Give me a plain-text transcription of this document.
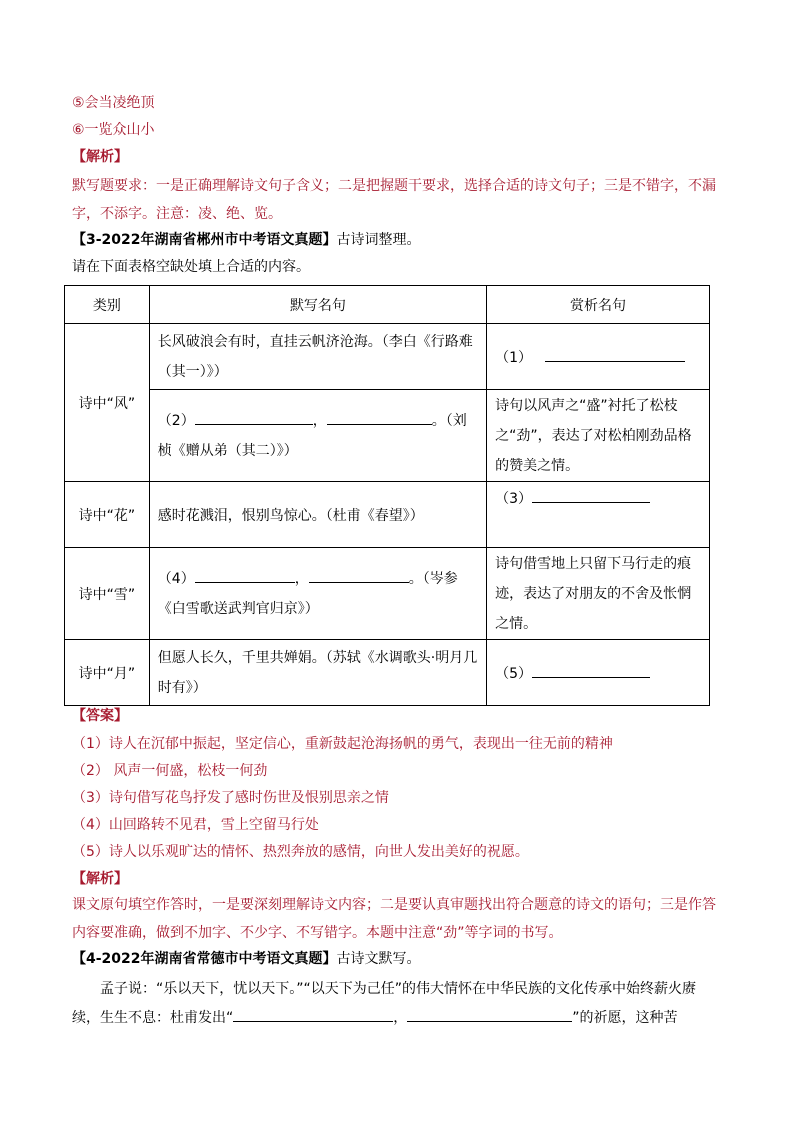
⑤会当凌绝顶
⑥一览众山小
【解析】
默写题要求：一是正确理解诗文句子含义；二是把握题干要求，选择合适的诗文句子；三是不错字，不漏字，不添字。注意：凌、绝、览。
【3-2022年湖南省郴州市中考语文真题】古诗词整理。
请在下面表格空缺处填上合适的内容。
类别	默写名句	赏析名句
诗中“风”	长风破浪会有时，直挂云帆济沧海。（李白《行路难（其一）》）	（1）

	（2） ， 。（刘桢《赠从弟（其二）》）	诗句以风声之“盛”衬托了松枝之“劲”，表达了对松柏刚劲品格的赞美之情。

诗中“花”	感时花溅泪，恨别鸟惊心。（杜甫《春望》）	（3）
诗中“雪”	（4） ， 。（岑参《白雪歌送武判官归京》）	诗句借雪地上只留下马行走的痕迹，表达了对朋友的不舍及怅惘之情。

诗中“月”	但愿人长久，千里共婵娟。（苏轼《水调歌头·明月几时有》）	（5）
【答案】
（1）诗人在沉郁中振起，坚定信心，重新鼓起沧海扬帆的勇气，表现出一往无前的精神
（2） 风声一何盛，松枝一何劲
（3）诗句借写花鸟抒发了感时伤世及恨别思亲之情
（4）山回路转不见君，雪上空留马行处
（5）诗人以乐观旷达的情怀、热烈奔放的感情，向世人发出美好的祝愿。
【解析】
课文原句填空作答时，一是要深刻理解诗文内容；二是要认真审题找出符合题意的诗文的语句；三是作答内容要准确，做到不加字、不少字、不写错字。本题中注意“劲”等字词的书写。
【4-2022年湖南省常德市中考语文真题】古诗文默写。
孟子说：“乐以天下，忧以天下。”“以天下为己任”的伟大情怀在中华民族的文化传承中始终薪火赓续，生生不息：杜甫发出“	，	”的祈愿，这种苦
